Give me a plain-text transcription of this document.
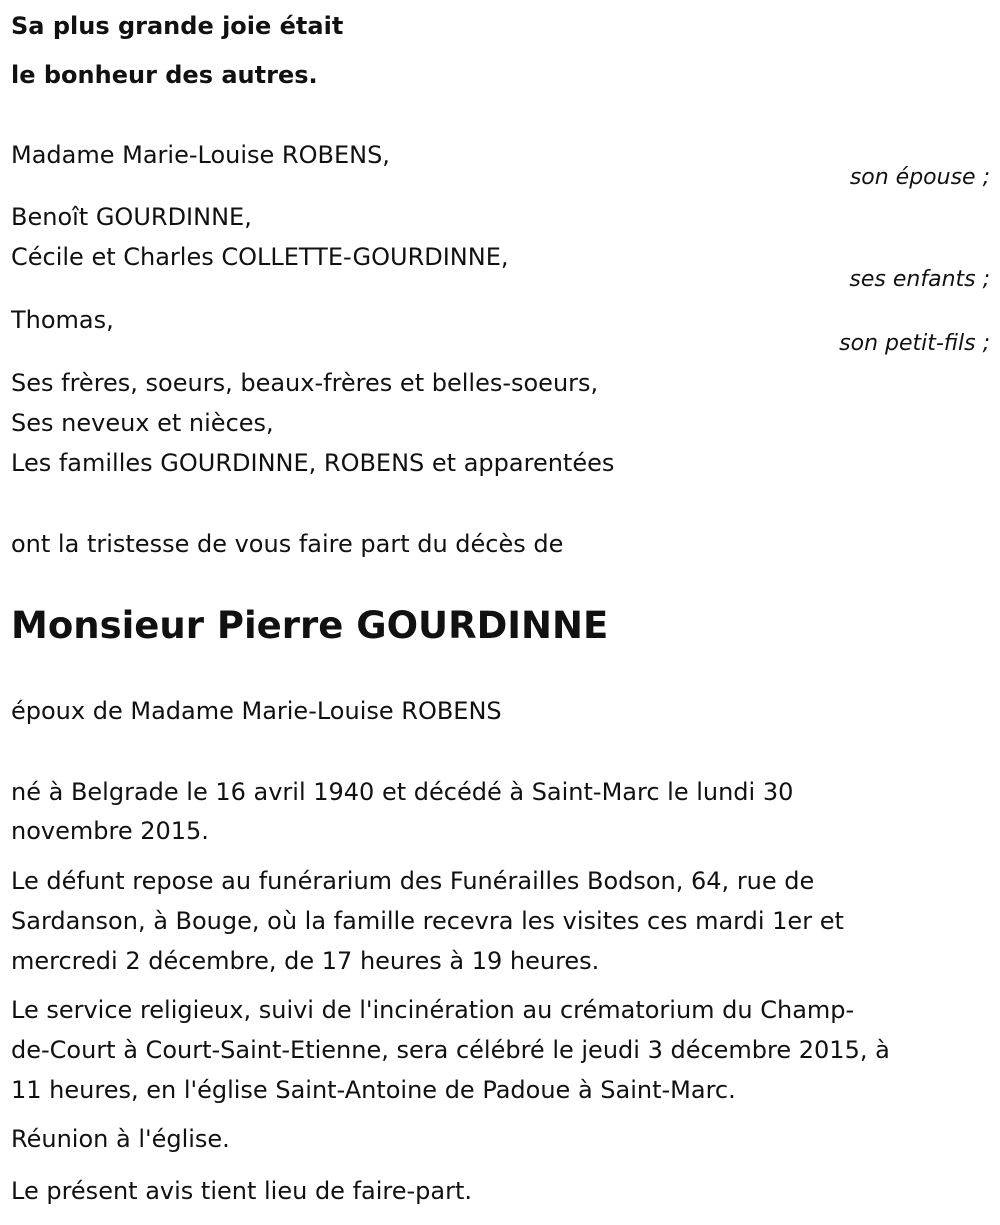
Sa plus grande joie était
le bonheur des autres.
Madame Marie-Louise ROBENS,
son épouse ;
Benoît GOURDINNE,
Cécile et Charles COLLETTE-GOURDINNE,
ses enfants ;
Thomas,
son petit-fils ;
Ses frères, soeurs, beaux-frères et belles-soeurs,
Ses neveux et nièces,
Les familles GOURDINNE, ROBENS et apparentées
ont la tristesse de vous faire part du décès de
Monsieur Pierre GOURDINNE
époux de Madame Marie-Louise ROBENS
né à Belgrade le 16 avril 1940 et décédé à Saint-Marc le lundi 30
novembre 2015.
Le défunt repose au funérarium des Funérailles Bodson, 64, rue de
Sardanson, à Bouge, où la famille recevra les visites ces mardi 1er et
mercredi 2 décembre, de 17 heures à 19 heures.
Le service religieux, suivi de l'incinération au crématorium du Champ-
de-Court à Court-Saint-Etienne, sera célébré le jeudi 3 décembre 2015, à
11 heures, en l'église Saint-Antoine de Padoue à Saint-Marc.
Réunion à l'église.
Le présent avis tient lieu de faire-part.
